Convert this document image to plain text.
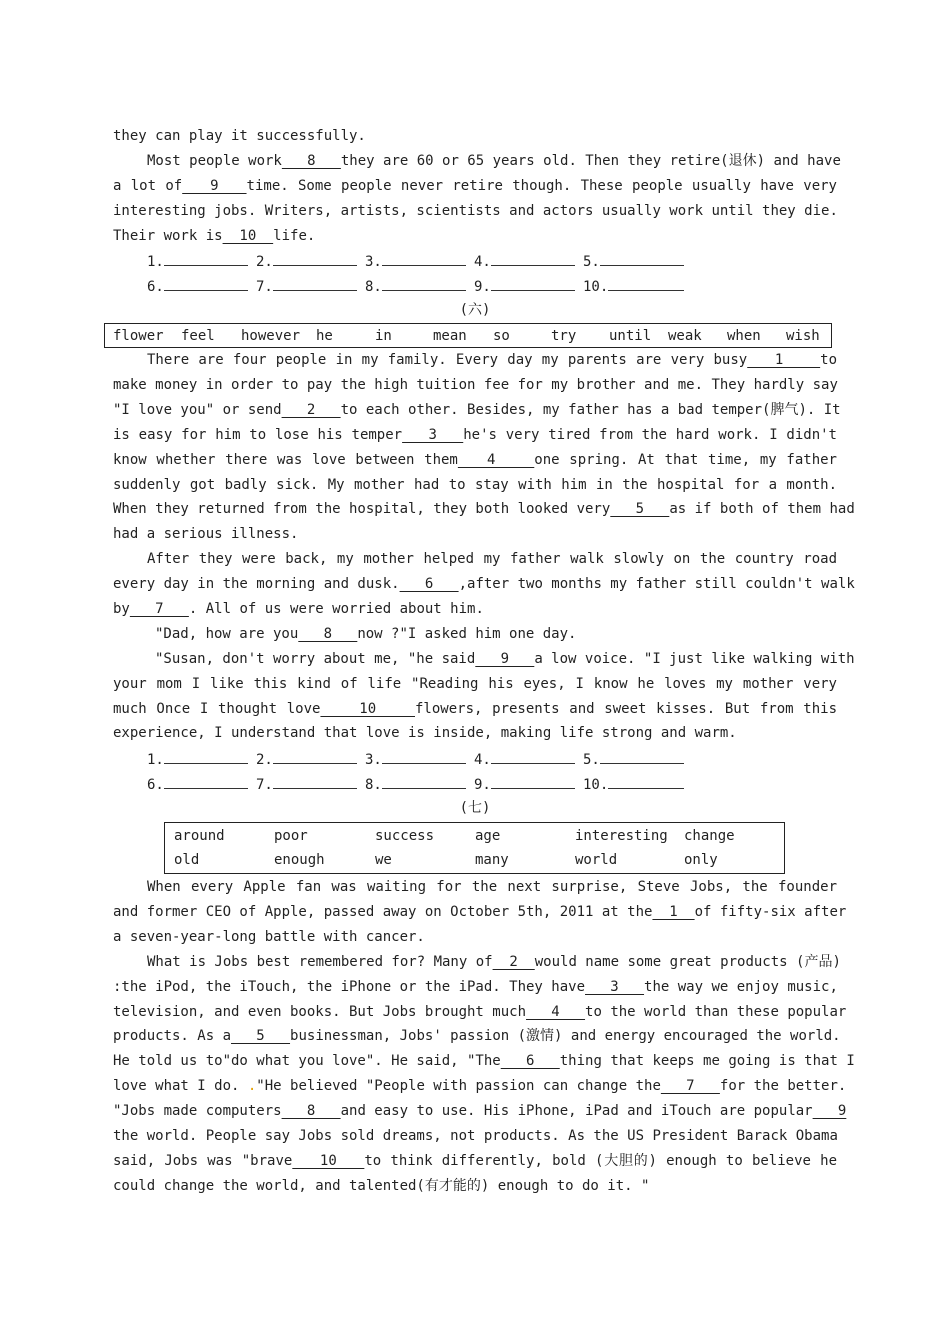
they can play it successfully.
Most people work   8   they are 60 or 65 years old. Then they retire(退休) and have
a lot of   9   time. Some people never retire though. These people usually have very
interesting jobs. Writers, artists, scientists and actors usually work until they die.
Their work is  10  life.
1.	2.	3.	4.	5.
6.	7.	8.	9.	10.
(六)
flower feel however he	in	mean so	try until weak when wish
There are four people in my family. Every day my parents are very busy   1    to
make money in order to pay the high tuition fee for my brother and me. They hardly say
"I love you" or send   2   to each other. Besides, my father has a bad temper(脾气). It
is easy for him to lose his temper   3   he's very tired from the hard work. I didn't
know whether there was love between them   4    one spring. At that time, my father
suddenly got badly sick. My mother had to stay with him in the hospital for a month.
When they returned from the hospital, they both looked very   5   as if both of them had
had a serious illness.
After they were back, my mother helped my father walk slowly on the country road
every day in the morning and dusk.   6   ,after two months my father still couldn't walk
by   7   . All of us were worried about him.
"Dad, how are you   8   now ?"I asked him one day.
"Susan, don't worry about me, "he said   9   a low voice. "I just like walking with
your mom I like this kind of life "Reading his eyes, I know he loves my mother very
much Once I thought love    10    flowers, presents and sweet kisses. But from this
experience, I understand that love is inside, making life strong and warm.
1.	2.	3.	4.	5.
6.	7.	8.	9.	10.
(七)
around	poor	success	age	interesting change
old	enough	we	many	world	only
When every Apple fan was waiting for the next surprise, Steve Jobs, the founder
and former CEO of Apple, passed away on October 5th, 2011 at the  1  of fifty-six after
a seven-year-long battle with cancer.
What is Jobs best remembered for? Many of  2  would name some great products (产品)
:the iPod, the iTouch, the iPhone or the iPad. They have   3   the way we enjoy music,
television, and even books. But Jobs brought much   4   to the world than these popular
products. As a   5   businessman, Jobs' passion (激情) and energy encouraged the world.
He told us to"do what you love". He said, "The   6   thing that keeps me going is that I
love what I do. ."He believed "People with passion can change the   7   for the better.
"Jobs made computers   8   and easy to use. His iPhone, iPad and iTouch are popular   9
the world. People say Jobs sold dreams, not products. As the US President Barack Obama
said, Jobs was "brave   10   to think differently, bold (大胆的) enough to believe he
could change the world, and talented(有才能的) enough to do it. "
